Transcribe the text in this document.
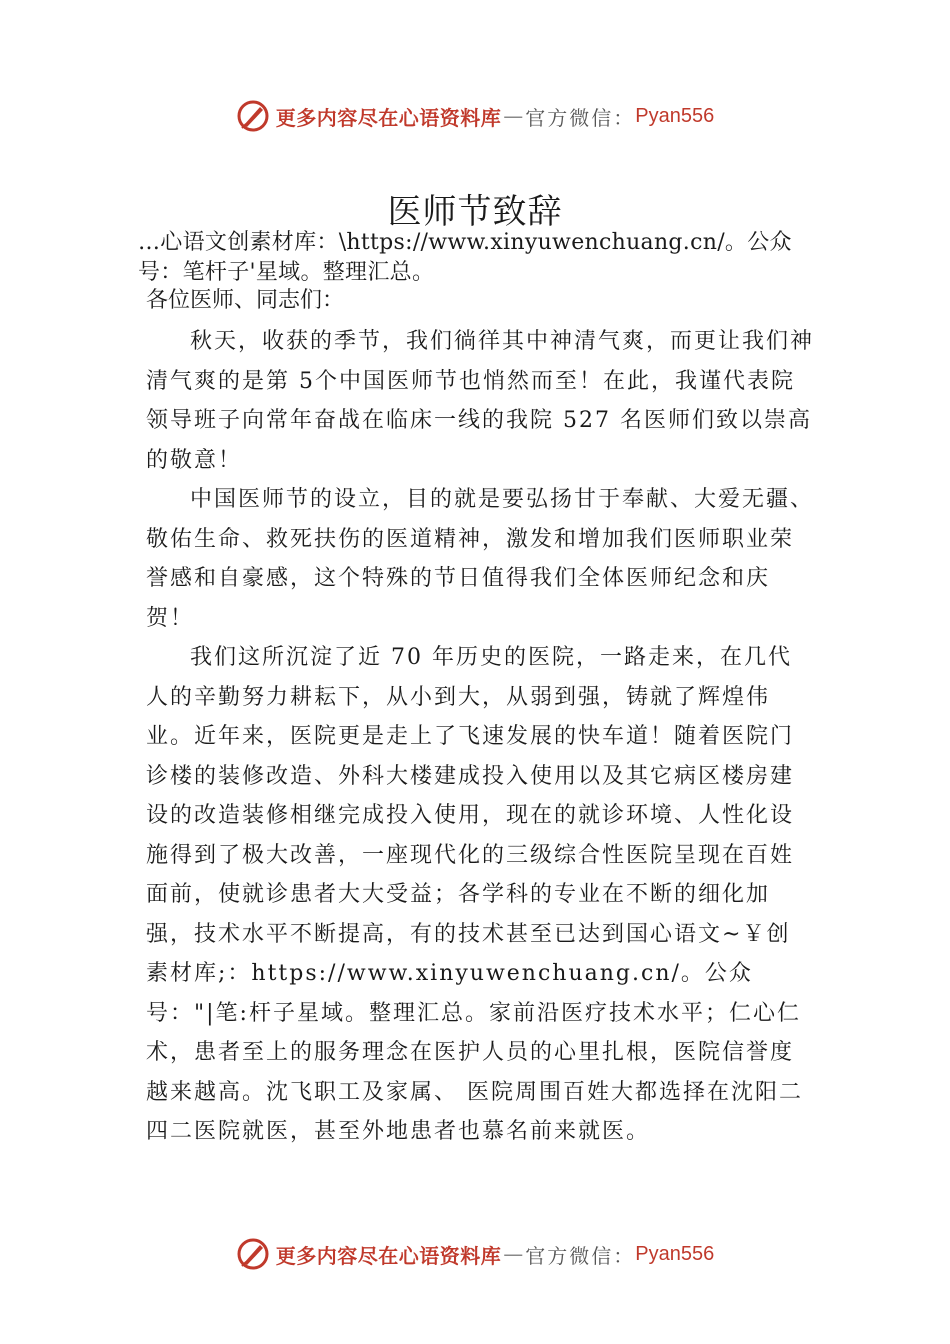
更多内容尽在心语资料库 — 官方微信： Pyan556
医师节致辞
…心语文创素材库：\https://www.xinyuwenchuang.cn/。公众号：笔杆子'星域。整理汇总。
各位医师、同志们：

秋天，收获的季节，我们徜徉其中神清气爽，而更让我们神清气爽的是第 5个中国医师节也悄然而至！在此，我谨代表院领导班子向常年奋战在临床一线的我院 527 名医师们致以崇高的敬意！

中国医师节的设立，目的就是要弘扬甘于奉献、大爱无疆、敬佑生命、救死扶伤的医道精神，激发和增加我们医师职业荣誉感和自豪感，这个特殊的节日值得我们全体医师纪念和庆贺！

我们这所沉淀了近 70 年历史的医院，一路走来，在几代人的辛勤努力耕耘下，从小到大，从弱到强，铸就了辉煌伟业。近年来，医院更是走上了飞速发展的快车道！随着医院门诊楼的装修改造、外科大楼建成投入使用以及其它病区楼房建设的改造装修相继完成投入使用，现在的就诊环境、人性化设施得到了极大改善，一座现代化的三级综合性医院呈现在百姓面前，使就诊患者大大受益；各学科的专业在不断的细化加强，技术水平不断提高，有的技术甚至已达到国心语文~￥创素材库;：https://www.xinyuwenchuang.cn/。公众号："|笔:杆子星域。整理汇总。家前沿医疗技术水平；仁心仁术，患者至上的服务理念在医护人员的心里扎根，医院信誉度越来越高。沈飞职工及家属、 医院周围百姓大都选择在沈阳二四二医院就医，甚至外地患者也慕名前来就医。

更多内容尽在心语资料库 — 官方微信： Pyan556
